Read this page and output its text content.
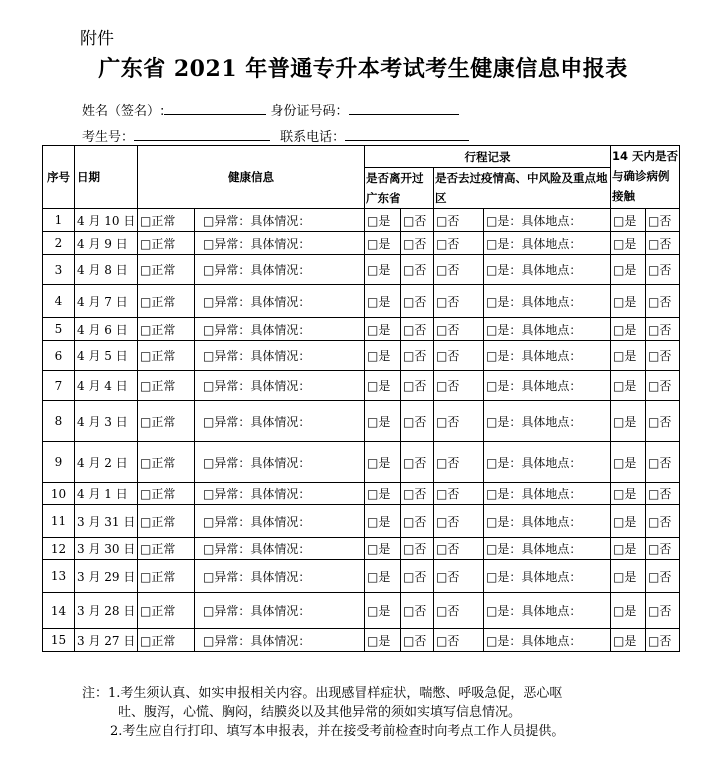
附件
广东省 2021 年普通专升本考试考生健康信息申报表
姓名（签名）:	身份证号码：
考生号：	联系电话：
序号	日期	健康信息		行程记录				14 天内是否与确诊病例接触	
				是否离开过广东省		是否去过疫情高、中风险及重点地区			
1	4 月 10 日	□正常	□异常：具体情况：	□是	□否	□否	□是：具体地点：	□是	□否
2	4 月 9 日	□正常	□异常：具体情况：	□是	□否	□否	□是：具体地点：	□是	□否
3	4 月 8 日	□正常	□异常：具体情况：	□是	□否	□否	□是：具体地点：	□是	□否
4	4 月 7 日	□正常	□异常：具体情况：	□是	□否	□否	□是：具体地点：	□是	□否
5	4 月 6 日	□正常	□异常：具体情况：	□是	□否	□否	□是：具体地点：	□是	□否
6	4 月 5 日	□正常	□异常：具体情况：	□是	□否	□否	□是：具体地点：	□是	□否
7	4 月 4 日	□正常	□异常：具体情况：	□是	□否	□否	□是：具体地点：	□是	□否
8	4 月 3 日	□正常	□异常：具体情况：	□是	□否	□否	□是：具体地点：	□是	□否
9	4 月 2 日	□正常	□异常：具体情况：	□是	□否	□否	□是：具体地点：	□是	□否
10	4 月 1 日	□正常	□异常：具体情况：	□是	□否	□否	□是：具体地点：	□是	□否
11	3 月 31 日	□正常	□异常：具体情况：	□是	□否	□否	□是：具体地点：	□是	□否
12	3 月 30 日	□正常	□异常：具体情况：	□是	□否	□否	□是：具体地点：	□是	□否
13	3 月 29 日	□正常	□异常：具体情况：	□是	□否	□否	□是：具体地点：	□是	□否
14	3 月 28 日	□正常	□异常：具体情况：	□是	□否	□否	□是：具体地点：	□是	□否
15	3 月 27 日	□正常	□异常：具体情况：	□是	□否	□否	□是：具体地点：	□是	□否
注：1.考生须认真、如实申报相关内容。出现感冒样症状，喘憋、呼吸急促，恶心呕
吐、腹泻，心慌、胸闷，结膜炎以及其他异常的须如实填写信息情况。
2.考生应自行打印、填写本申报表，并在接受考前检查时向考点工作人员提供。
